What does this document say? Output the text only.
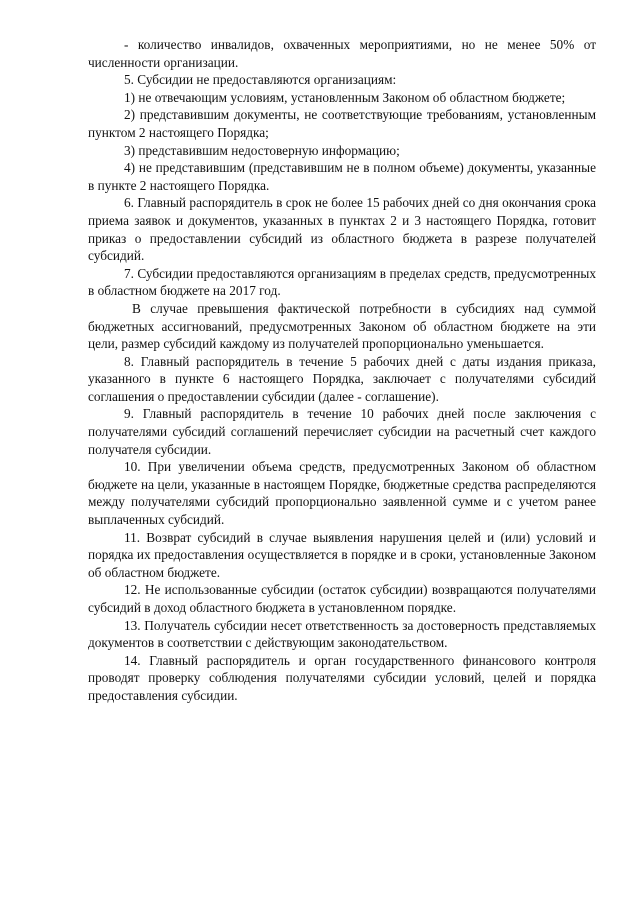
- количество инвалидов, охваченных мероприятиями, но не менее 50% от численности организации.

5. Субсидии не предоставляются организациям:

1) не отвечающим условиям, установленным Законом об областном бюджете;

2) представившим документы, не соответствующие требованиям, установленным пунктом 2 настоящего Порядка;

3) представившим недостоверную информацию;

4) не представившим (представившим не в полном объеме) документы, указанные в пункте 2 настоящего Порядка.

6. Главный распорядитель в срок не более 15 рабочих дней со дня окончания срока приема заявок и документов, указанных в пунктах 2 и 3 настоящего Порядка, готовит приказ о предоставлении субсидий из областного бюджета в разрезе получателей субсидий.

7. Субсидии предоставляются организациям в пределах средств, предусмотренных в областном бюджете на 2017 год.

В случае превышения фактической потребности в субсидиях над суммой бюджетных ассигнований, предусмотренных Законом об областном бюджете на эти цели, размер субсидий каждому из получателей пропорционально уменьшается.

8. Главный распорядитель в течение 5 рабочих дней с даты издания приказа, указанного в пункте 6 настоящего Порядка, заключает с получателями субсидий соглашения о предоставлении субсидии (далее - соглашение).

9. Главный распорядитель в течение 10 рабочих дней после заключения с получателями субсидий соглашений перечисляет субсидии на расчетный счет каждого получателя субсидии.

10. При увеличении объема средств, предусмотренных Законом об областном бюджете на цели, указанные в настоящем Порядке, бюджетные средства распределяются между получателями субсидий пропорционально заявленной сумме и с учетом ранее выплаченных субсидий.

11. Возврат субсидий в случае выявления нарушения целей и (или) условий и порядка их предоставления осуществляется в порядке и в сроки, установленные Законом об областном бюджете.

12. Не использованные субсидии (остаток субсидии) возвращаются получателями субсидий в доход областного бюджета в установленном порядке.

13. Получатель субсидии несет ответственность за достоверность представляемых документов в соответствии с действующим законодательством.

14. Главный распорядитель и орган государственного финансового контроля проводят проверку соблюдения получателями субсидии условий, целей и порядка предоставления субсидии.
